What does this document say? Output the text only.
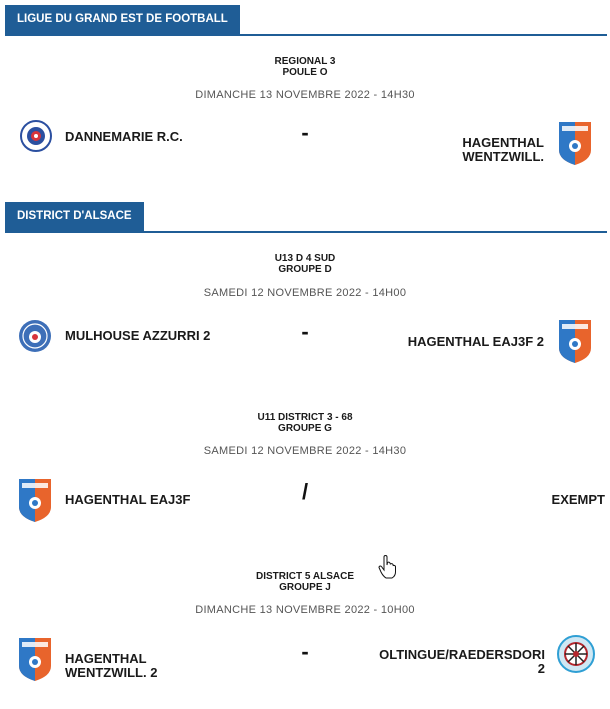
LIGUE DU GRAND EST DE FOOTBALL
REGIONAL 3
POULE O
DIMANCHE 13 NOVEMBRE 2022 - 14H30
DANNEMARIE R.C.	-	HAGENTHAL
WENTZWILL.
DISTRICT D'ALSACE
U13 D 4 SUD
GROUPE D
SAMEDI 12 NOVEMBRE 2022 - 14H00
MULHOUSE AZZURRI 2	-	HAGENTHAL EAJ3F 2
U11 DISTRICT 3 - 68
GROUPE G
SAMEDI 12 NOVEMBRE 2022 - 14H30
HAGENTHAL EAJ3F	/	EXEMPT
DISTRICT 5 ALSACE
GROUPE J
DIMANCHE 13 NOVEMBRE 2022 - 10H00
HAGENTHAL
WENTZWILL. 2
-	OLTINGUE/RAEDERSDORI
2
